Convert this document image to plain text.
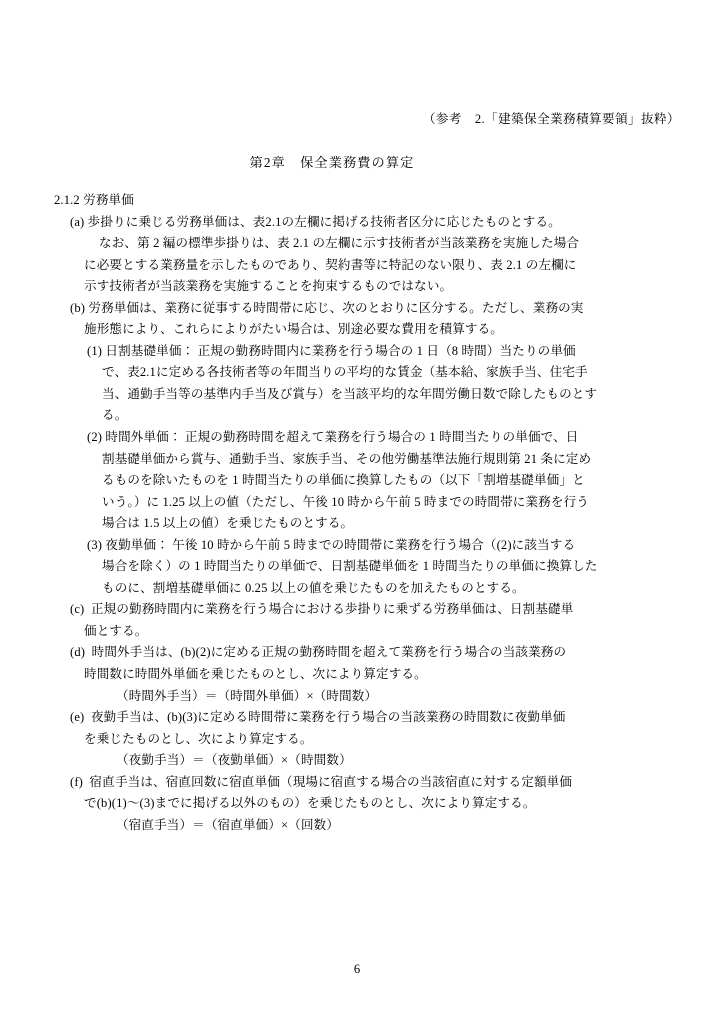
（参考　2.「建築保全業務積算要領」抜粋）
第2章　保全業務費の算定
2.1.2 労務単価
(a) 歩掛りに乗じる労務単価は、表2.1の左欄に掲げる技術者区分に応じたものとする。
なお、第 2 編の標準歩掛りは、表 2.1 の左欄に示す技術者が当該業務を実施した場合
に必要とする業務量を示したものであり、契約書等に特記のない限り、表 2.1 の左欄に
示す技術者が当該業務を実施することを拘束するものではない。
(b) 労務単価は、業務に従事する時間帯に応じ、次のとおりに区分する。ただし、業務の実
施形態により、これらによりがたい場合は、別途必要な費用を積算する。
(1) 日割基礎単価： 正規の勤務時間内に業務を行う場合の 1 日（8 時間）当たりの単価
で、表2.1に定める各技術者等の年間当りの平均的な賃金（基本給、家族手当、住宅手
当、通勤手当等の基準内手当及び賞与）を当該平均的な年間労働日数で除したものとす
る。
(2) 時間外単価： 正規の勤務時間を超えて業務を行う場合の 1 時間当たりの単価で、日
割基礎単価から賞与、通勤手当、家族手当、その他労働基準法施行規則第 21 条に定め
るものを除いたものを 1 時間当たりの単価に換算したもの（以下「割増基礎単価」と
いう。）に 1.25 以上の値（ただし、午後 10 時から午前 5 時までの時間帯に業務を行う
場合は 1.5 以上の値）を乗じたものとする。
(3) 夜勤単価： 午後 10 時から午前 5 時までの時間帯に業務を行う場合（(2)に該当する
場合を除く）の 1 時間当たりの単価で、日割基礎単価を 1 時間当たりの単価に換算した
ものに、割増基礎単価に 0.25 以上の値を乗じたものを加えたものとする。
(c)  正規の勤務時間内に業務を行う場合における歩掛りに乗ずる労務単価は、日割基礎単
価とする。
(d)  時間外手当は、(b)(2)に定める正規の勤務時間を超えて業務を行う場合の当該業務の
時間数に時間外単価を乗じたものとし、次により算定する。
（時間外手当）＝（時間外単価）×（時間数）
(e)  夜勤手当は、(b)(3)に定める時間帯に業務を行う場合の当該業務の時間数に夜勤単価
を乗じたものとし、次により算定する。
（夜勤手当）＝（夜勤単価）×（時間数）
(f)  宿直手当は、宿直回数に宿直単価（現場に宿直する場合の当該宿直に対する定額単価
で(b)(1)～(3)までに掲げる以外のもの）を乗じたものとし、次により算定する。
（宿直手当）＝（宿直単価）×（回数）
6
